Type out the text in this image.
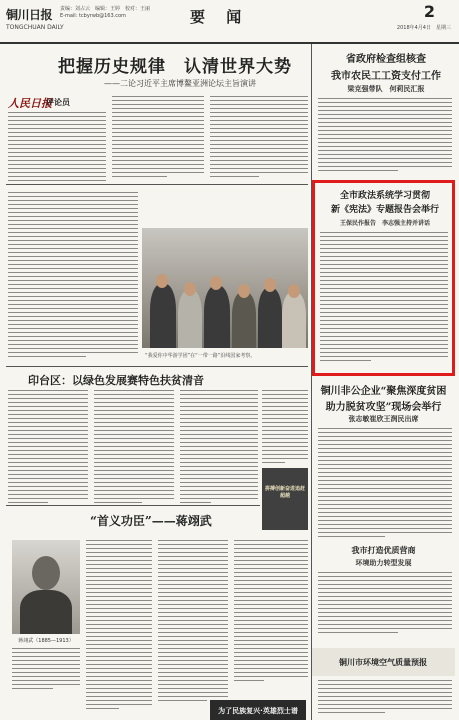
铜川日报
TONGCHUAN DAILY
责编：刘占云　编辑：王婷　校对：王丽　E-mail: tcbyrwb@163.com	要 闻	2
2018年4月4日　星期三
把握历史规律　认清世界大势
——二论习近平主席博鳌亚洲论坛主旨演讲
人民日报
评论员
省政府检查组核查
我市农民工工资支付工作
梁克强带队　何莉民汇报
全市政法系统学习贯彻
新《宪法》专题报告会举行
王保民作报告　李志强主持并讲话
铜川非公企业“聚焦深度贫困
助力脱贫攻坚”现场会举行
张志敏崔欣王润民出席
我市打造优质营商
环境助力转型发展
铜川市环境空气质量预报
“我爱你中华游学团”在“一带一路”沿线国家考察。
印台区：以绿色发展赛特色扶贫清音
拼搏创新奋进追赶超越
“首义功臣”——蒋翊武
蒋翊武（1885—1913）
为了民族复兴·英雄烈士谱
